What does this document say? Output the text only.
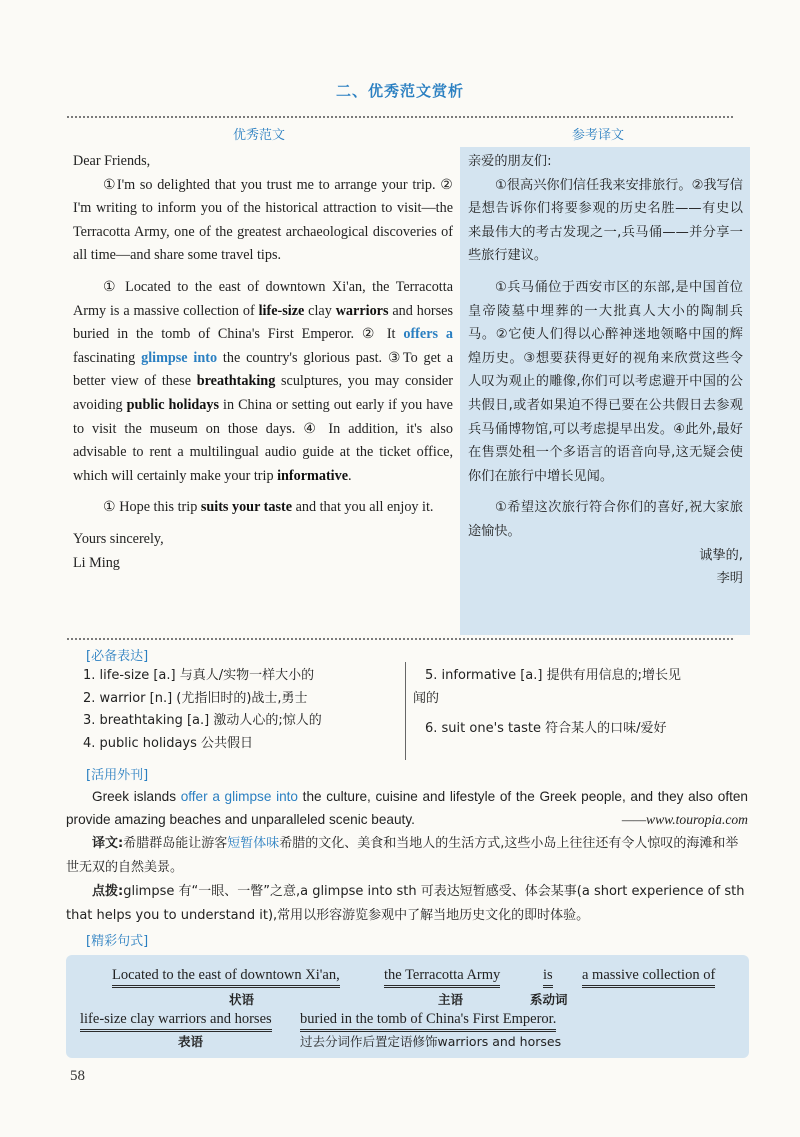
二、优秀范文赏析
优秀范文	参考译文

Dear Friends,

①I'm so delighted that you trust me to arrange your trip. ② I'm writing to inform you of the historical attraction to visit—the Terracotta Army, one of the greatest archaeological discoveries of all time—and share some travel tips.

① Located to the east of downtown Xi'an, the Terracotta Army is a massive collection of life-size clay warriors and horses buried in the tomb of China's First Emperor. ② It offers a fascinating glimpse into the country's glorious past. ③To get a better view of these breathtaking sculptures, you may consider avoiding public holidays in China or setting out early if you have to visit the museum on those days. ④ In addition, it's also advisable to rent a multilingual audio guide at the ticket office, which will certainly make your trip informative.

① Hope this trip suits your taste and that you all enjoy it.

Yours sincerely,

Li Ming

亲爱的朋友们:

①很高兴你们信任我来安排旅行。②我写信是想告诉你们将要参观的历史名胜——有史以来最伟大的考古发现之一,兵马俑——并分享一些旅行建议。

①兵马俑位于西安市区的东部,是中国首位皇帝陵墓中埋葬的一大批真人大小的陶制兵马。②它使人们得以心醉神迷地领略中国的辉煌历史。③想要获得更好的视角来欣赏这些令人叹为观止的雕像,你们可以考虑避开中国的公共假日,或者如果迫不得已要在公共假日去参观兵马俑博物馆,可以考虑提早出发。④此外,最好在售票处租一个多语言的语音向导,这无疑会使你们在旅行中增长见闻。

①希望这次旅行符合你们的喜好,祝大家旅途愉快。

诚挚的,

李明

[必备表达]
1. life-size [a.] 与真人/实物一样大小的
2. warrior [n.] (尤指旧时的)战士,勇士
3. breathtaking [a.] 激动人心的;惊人的
4. public holidays 公共假日
5. informative [a.] 提供有用信息的;增长见
闻的
6. suit one's taste 符合某人的口味/爱好
[活用外刊]
Greek islands offer a glimpse into the culture, cuisine and lifestyle of the Greek people, and they also often provide amazing beaches and unparalleled scenic beauty.	——www.touropia.com
译文:希腊群岛能让游客短暂体味希腊的文化、美食和当地人的生活方式,这些小岛上往往还有令人惊叹的海滩和举世无双的自然美景。
点拨:glimpse 有“一眼、一瞥”之意,a glimpse into sth 可表达短暂感受、体会某事(a short experience of sth that helps you to understand it),常用以形容游览参观中了解当地历史文化的即时体验。
[精彩句式]
Located to the east of downtown Xi'an,
状语
the Terracotta Army
主语
is
系动词
a massive collection of
life-size clay warriors and horses
表语
buried in the tomb of China's First Emperor.
过去分词作后置定语修饰warriors and horses
58
